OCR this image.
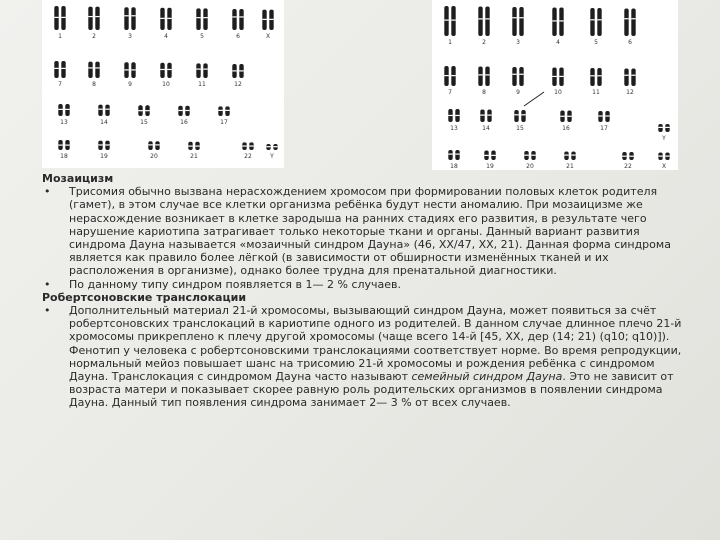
1	2	3	4	5	6	X
7	8	9	10	11	12
13	14	15	16	17
18	19	20	21	22	Y
1	2	3	4	5	6
7	8	9	10	11	12
13	14	15	16	17
18	19	20	21	22	X
Y

Мозаицизм

• Трисомия обычно вызвана нерасхождением хромосом при формировании половых клеток родителя (гамет), в этом случае все клетки организма ребёнка будут нести аномалию. При мозаицизме же нерасхождение возникает в клетке зародыша на ранних стадиях его развития, в результате чего нарушение кариотипа затрагивает только некоторые ткани и органы. Данный вариант развития синдрома Дауна называется «мозаичный синдром Дауна» (46, XX/47, XX, 21). Данная форма синдрома является как правило более лёгкой (в зависимости от обширности изменённых тканей и их расположения в организме), однако более трудна для пренатальной диагностики.

• По данному типу синдром появляется в 1— 2 % случаев.

Робертсоновские транслокации

• Дополнительный материал 21-й хромосомы, вызывающий синдром Дауна, может появиться за счёт робертсоновских транслокаций в кариотипе одного из родителей. В данном случае длинное плечо 21-й хромосомы прикреплено к плечу другой хромосомы (чаще всего 14-й [45, XX, дер (14; 21) (q10; q10)]). Фенотип у человека с робертсоновскими транслокациями соответствует норме. Во время репродукции, нормальный мейоз повышает шанс на трисомию 21-й хромосомы и рождения ребёнка с синдромом Дауна. Транслокация с синдромом Дауна часто называют семейный синдром Дауна. Это не зависит от возраста матери и показывает скорее равную роль родительских организмов в появлении синдрома Дауна. Данный тип появления синдрома занимает 2— 3 % от всех случаев.
